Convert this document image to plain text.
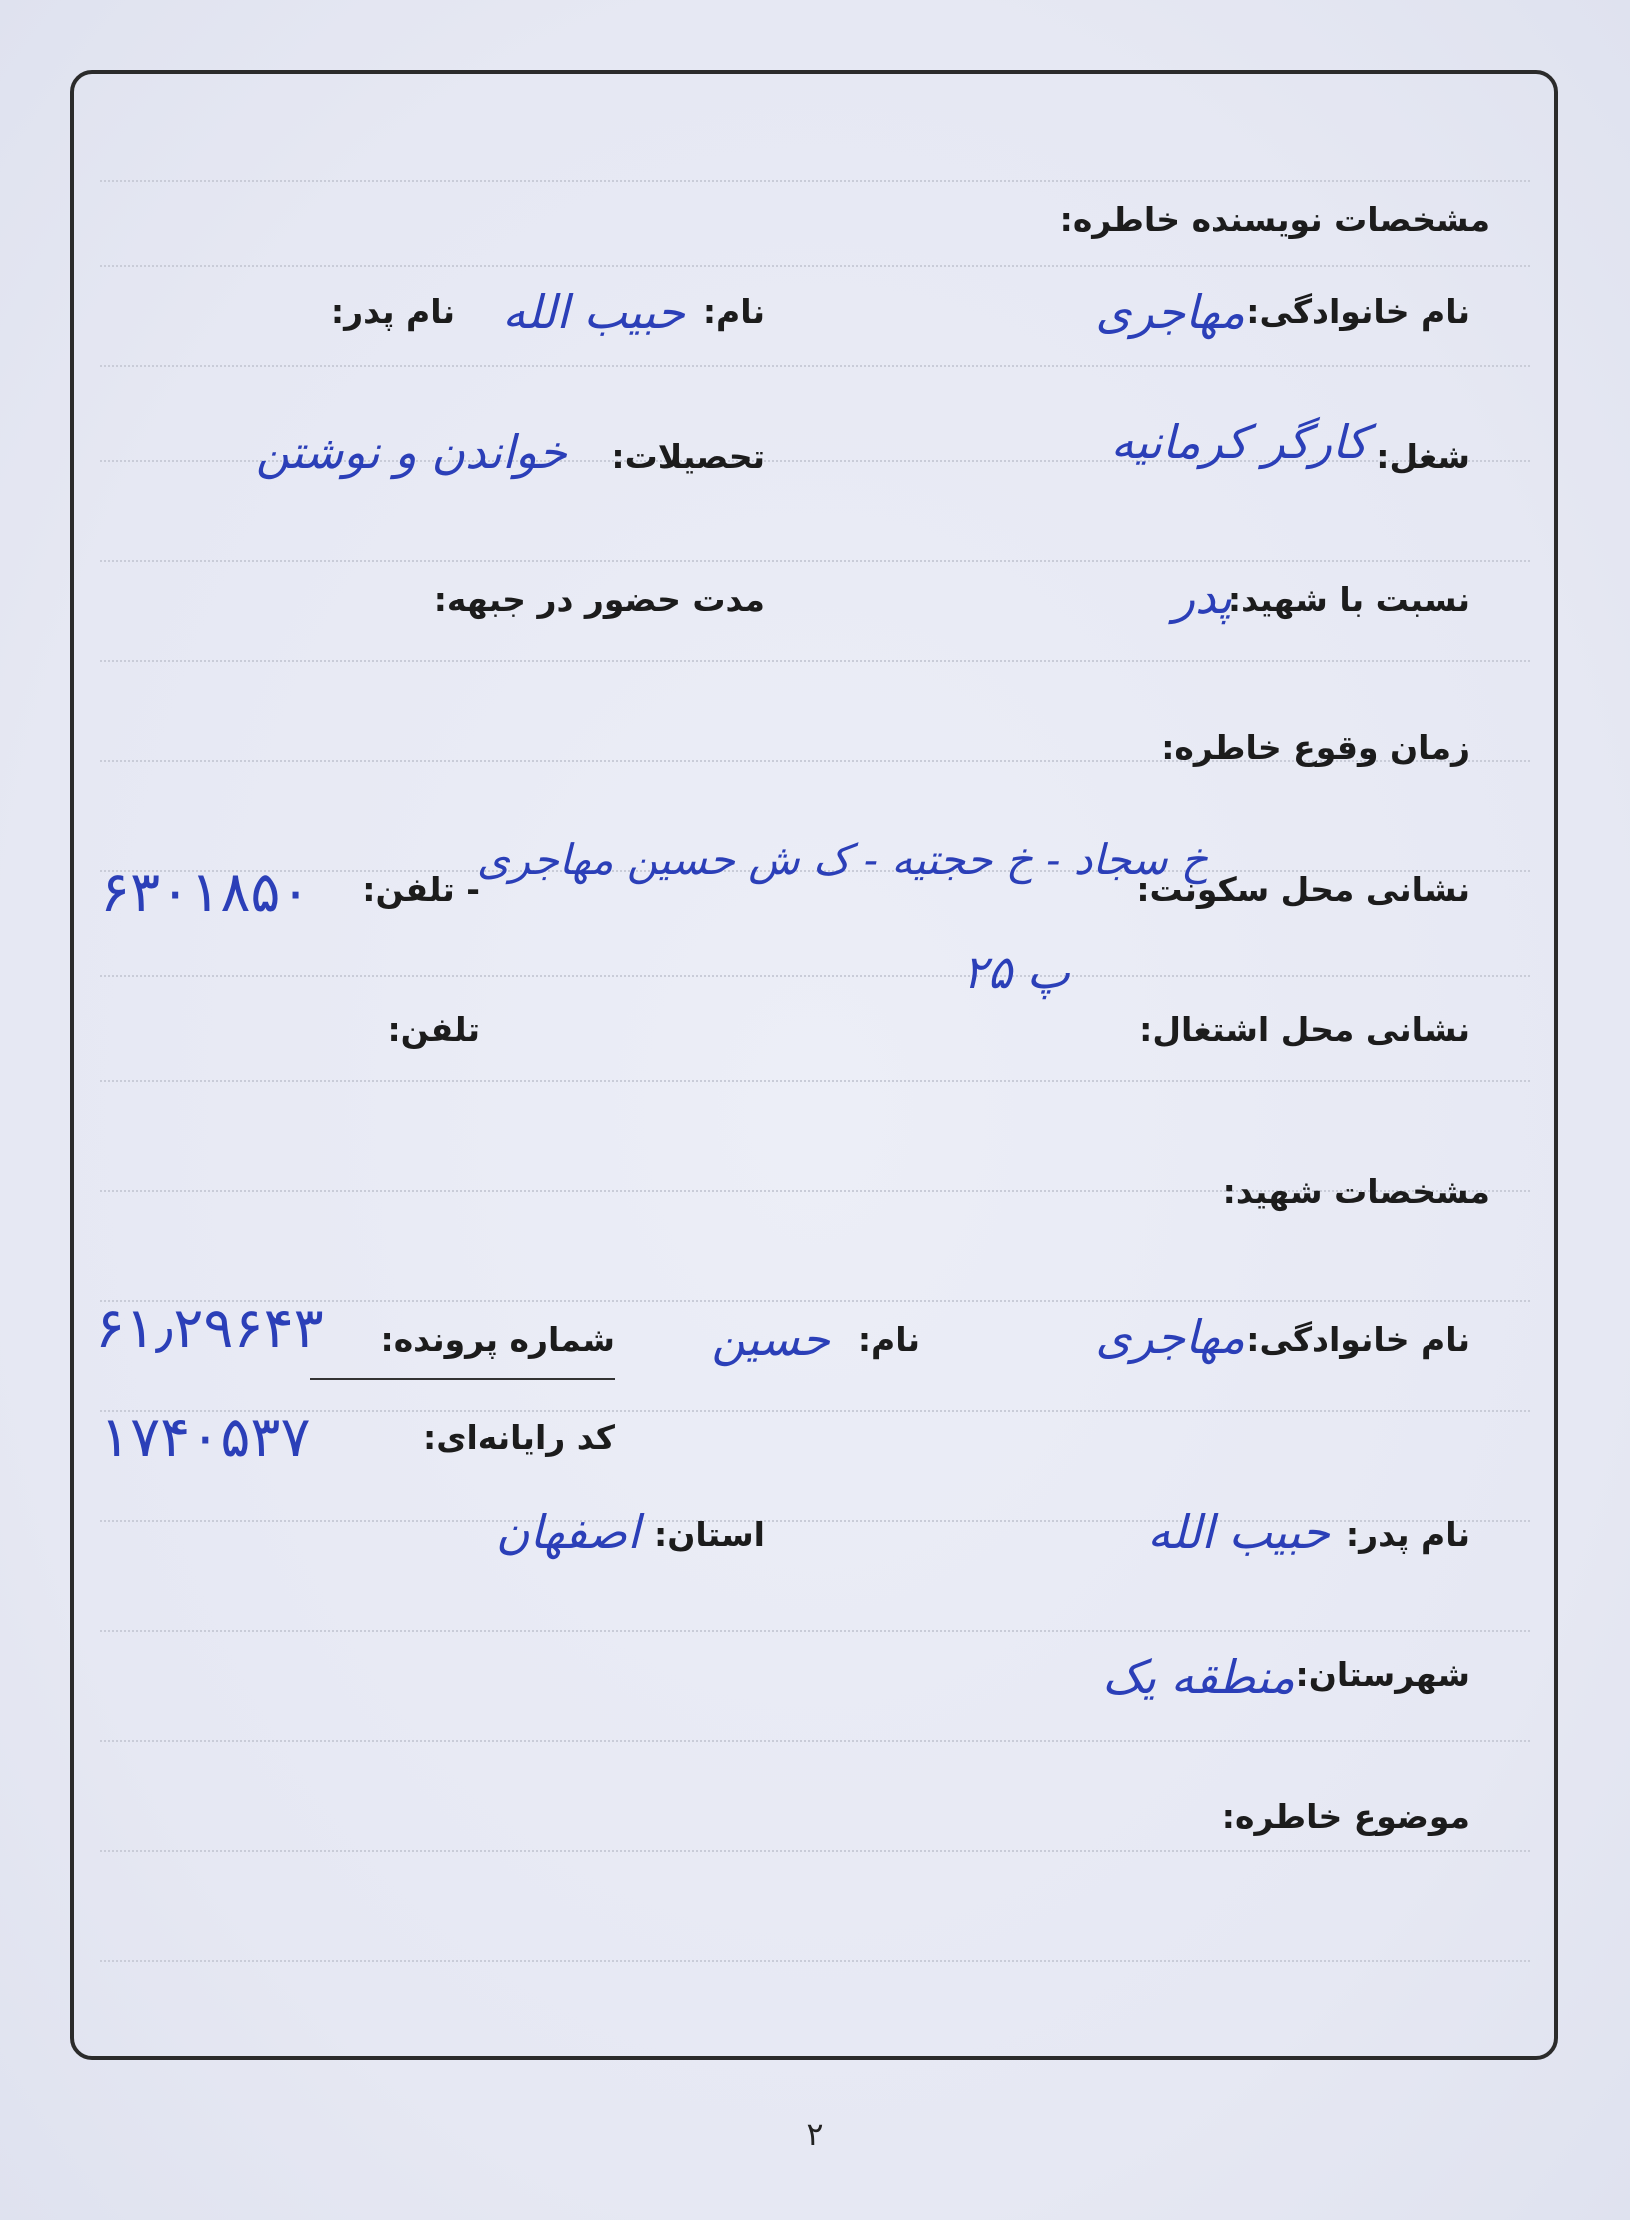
مشخصات نویسنده خاطره:
نام خانوادگی:
مهاجری
نام:
حبیب الله
نام پدر:
شغل:
کارگر کرمانیه
تحصیلات:
خواندن و نوشتن
نسبت با شهید:
پدر
مدت حضور در جبهه:
زمان وقوع خاطره:
نشانی محل سکونت:
خ سجاد - خ حجتیه - ک ش حسین مهاجری
پ ۲۵
- تلفن:
۶۳۰۱۸۵۰
نشانی محل اشتغال:
تلفن:
مشخصات شهید:
نام خانوادگی:
مهاجری
نام:
حسین
شماره پرونده:
۶۱٫۲۹۶۴۳
کد رایانه‌ای:
۱۷۴۰۵۳۷
نام پدر:
حبیب الله
استان:
اصفهان
شهرستان:
منطقه یک
موضوع خاطره:
۲
